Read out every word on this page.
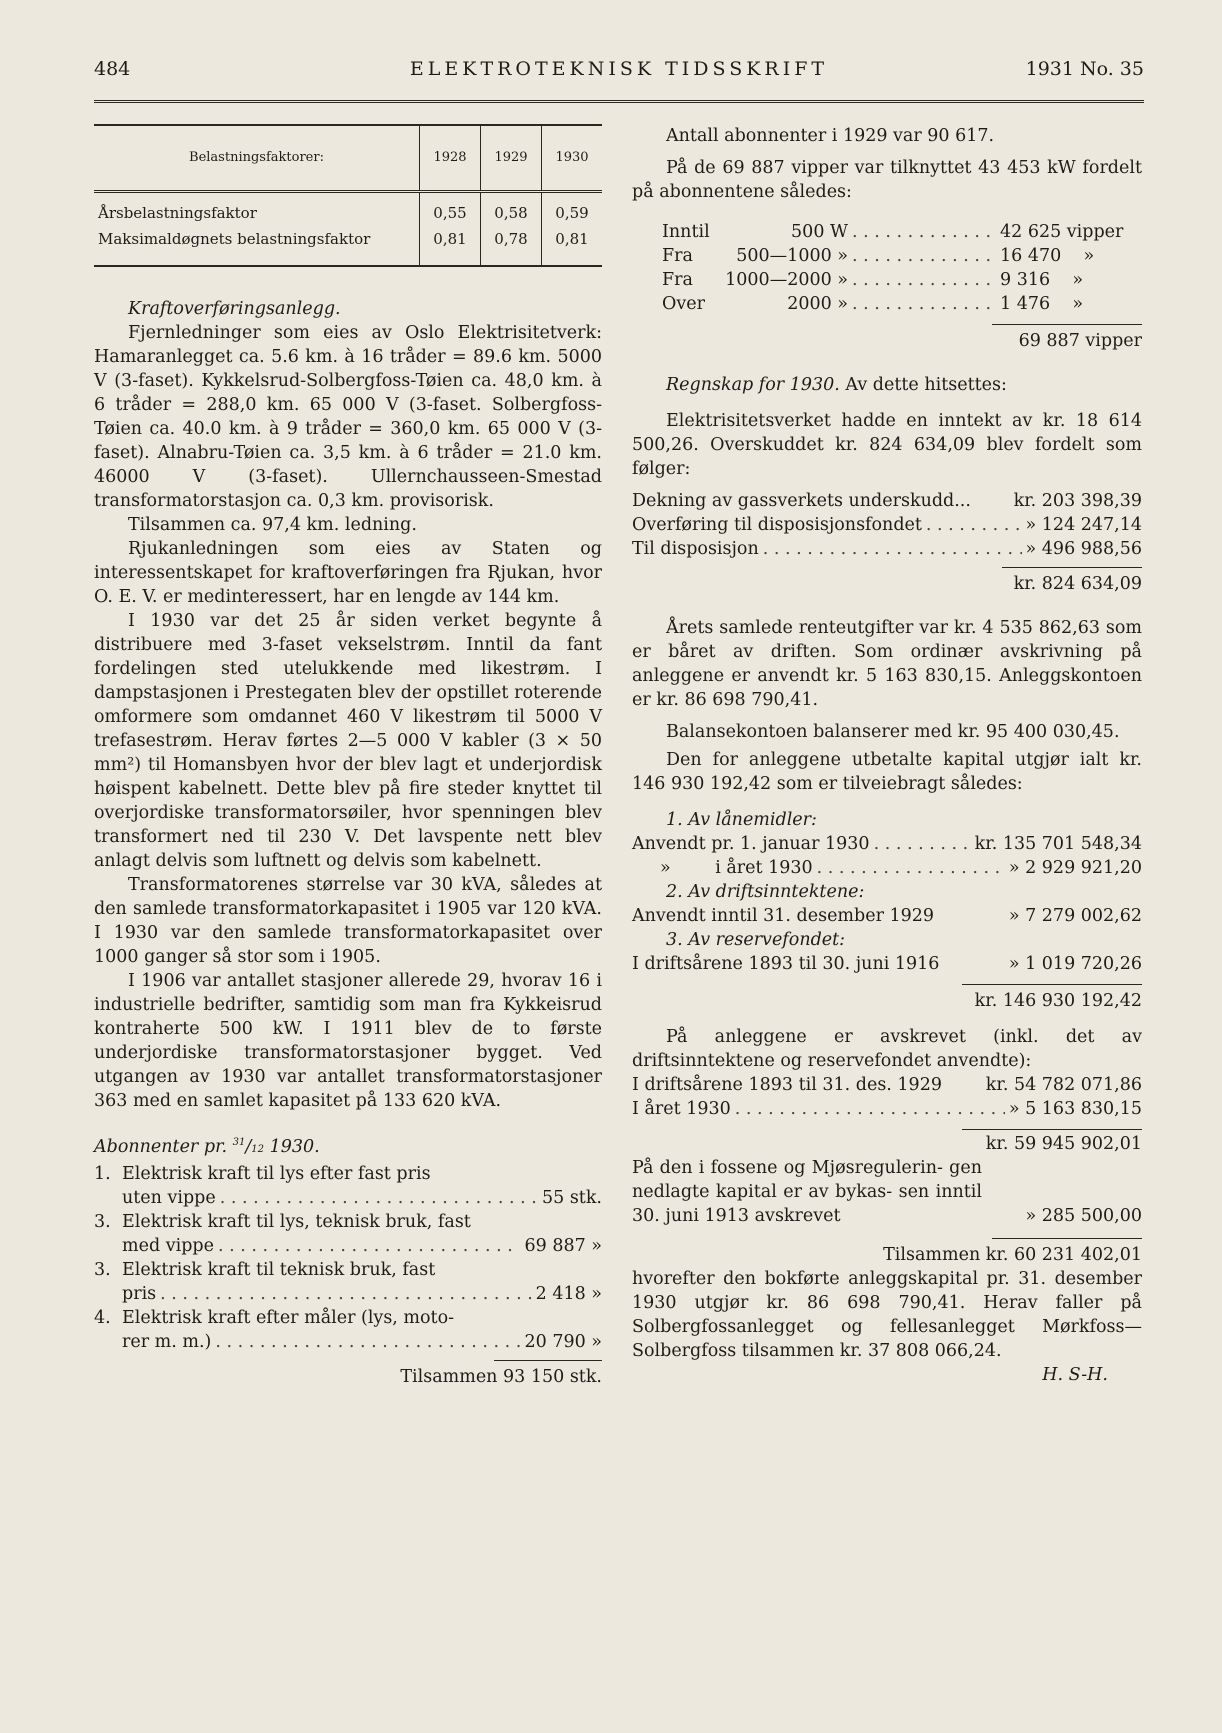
484	ELEKTROTEKNISK TIDSSKRIFT	1931 No. 35
Belastningsfaktorer:	1928	1929	1930
Årsbelastningsfaktor	0,55	0,58	0,59
Maksimaldøgnets belastningsfaktor	0,81	0,78	0,81

Kraftoverføringsanlegg.

Fjernledninger som eies av Oslo Elektrisitetverk: Hamaranlegget ca. 5.6 km. à 16 tråder = 89.6 km. 5000 V (3-faset). Kykkelsrud-Solbergfoss-Tøien ca. 48,0 km. à 6 tråder = 288,0 km. 65 000 V (3-faset. Solbergfoss-Tøien ca. 40.0 km. à 9 tråder = 360,0 km. 65 000 V (3-faset). Alnabru-Tøien ca. 3,5 km. à 6 tråder = 21.0 km. 46000 V (3-faset). Ullernchausseen-Smestad transformatorstasjon ca. 0,3 km. provisorisk.

Tilsammen ca. 97,4 km. ledning.

Rjukanledningen som eies av Staten og interessentskapet for kraftoverføringen fra Rjukan, hvor O. E. V. er medinteressert, har en lengde av 144 km.

I 1930 var det 25 år siden verket begynte å distribuere med 3-faset vekselstrøm. Inntil da fant fordelingen sted utelukkende med likestrøm. I dampstasjonen i Prestegaten blev der opstillet roterende omformere som omdannet 460 V likestrøm til 5000 V trefasestrøm. Herav førtes 2—5 000 V kabler (3 × 50 mm²) til Homansbyen hvor der blev lagt et underjordisk høispent kabelnett. Dette blev på fire steder knyttet til overjordiske transformatorsøiler, hvor spenningen blev transformert ned til 230 V. Det lavspente nett blev anlagt delvis som luftnett og delvis som kabelnett.

Transformatorenes størrelse var 30 kVA, således at den samlede transformatorkapasitet i 1905 var 120 kVA. I 1930 var den samlede transformatorkapasitet over 1000 ganger så stor som i 1905.

I 1906 var antallet stasjoner allerede 29, hvorav 16 i industrielle bedrifter, samtidig som man fra Kykkeisrud kontraherte 500 kW. I 1911 blev de to første underjordiske transformatorstasjoner bygget. Ved utgangen av 1930 var antallet transformatorstasjoner 363 med en samlet kapasitet på 133 620 kVA.

Abonnenter pr. $^{31}$/12 1930.

1. Elektrisk kraft til lys efter fast pris
uten vippe . . .	55 stk.
3. Elektrisk kraft til lys, teknisk bruk, fast
med vippe . . .	69 887 »
3. Elektrisk kraft til teknisk bruk, fast
pris . . .	2 418 »
4. Elektrisk kraft efter måler (lys, moto-
rer m. m.) . . .	20 790 »

Tilsammen 93 150 stk.

Antall abonnenter i 1929 var 90 617.

På de 69 887 vipper var tilknyttet 43 453 kW fordelt på abonnentene således:

Inntil	500 W . . .	42 625 vipper
Fra	500—1000 » . . .	16 470    »
Fra	1000—2000 » . . .	9 316    »
Over	2000 » . . .	1 476    »

69 887 vipper

Regnskap for 1930. Av dette hitsettes:

Elektrisitetsverket hadde en inntekt av kr. 18 614 500,26. Overskuddet kr. 824 634,09 blev fordelt som følger:

Dekning av gassverkets underskudd... kr. 203 398,39
Overføring til disposisjonsfondet . . .	» 124 247,14
Til disposisjon . . .	» 496 988,56

kr. 824 634,09

Årets samlede renteutgifter var kr. 4 535 862,63 som er båret av driften. Som ordinær avskrivning på anleggene er anvendt kr. 5 163 830,15. Anleggskontoen er kr. 86 698 790,41.

Balansekontoen balanserer med kr. 95 400 030,45.

Den for anleggene utbetalte kapital utgjør ialt kr. 146 930 192,42 som er tilveiebragt således:

1. Av lånemidler:

Anvendt pr. 1. januar 1930 . . .	kr. 135 701 548,34
»        i året 1930 . . .	» 2 929 921,20

2. Av driftsinntektene:

Anvendt inntil 31. desember 1929	» 7 279 002,62

3. Av reservefondet:

I driftsårene 1893 til 30. juni 1916	» 1 019 720,26

kr. 146 930 192,42

På anleggene er avskrevet (inkl. det av driftsinntektene og reservefondet anvendte):

I driftsårene 1893 til 31. des. 1929	kr. 54 782 071,86
I året 1930 . . .	» 5 163 830,15

kr. 59 945 902,01

På den i fossene og Mjøsregulerin- gen nedlagte kapital er av bykas- sen inntil 30. juni 1913 avskrevet	» 285 500,00

Tilsammen kr. 60 231 402,01

hvorefter den bokførte anleggskapital pr. 31. desember 1930 utgjør kr. 86 698 790,41. Herav faller på Solbergfossanlegget og fellesanlegget Mørkfoss—Solbergfoss tilsammen kr. 37 808 066,24.

H. S-H.
